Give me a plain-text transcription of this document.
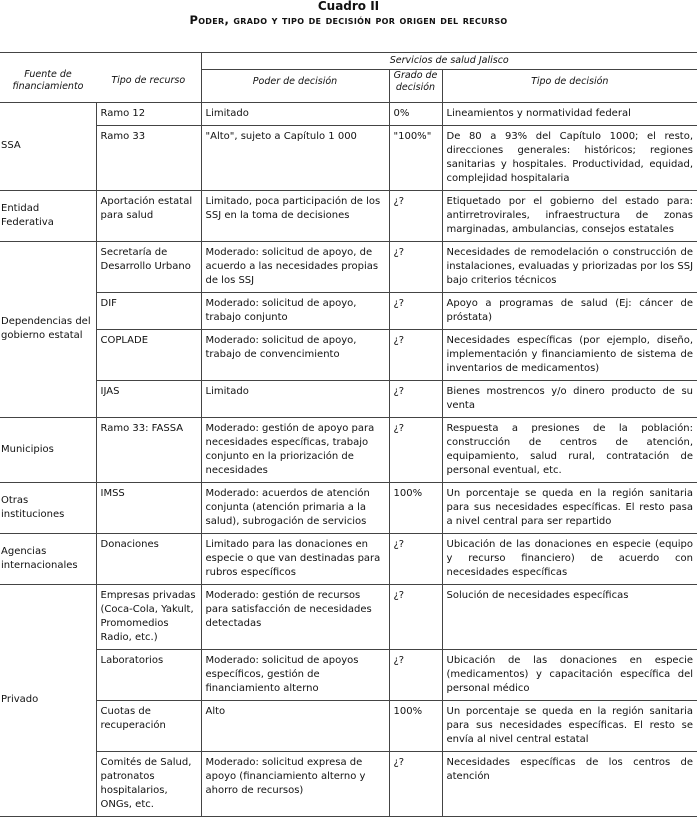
Cuadro II
Poder, grado y tipo de decisión por origen del recurso
		Servicios de salud Jalisco		
Fuente de financiamiento	Tipo de recurso	Poder de decisión	Grado de decisión	Tipo de decisión
SSA	Ramo 12	Limitado	0%	Lineamientos y normatividad federal
	Ramo 33	"Alto", sujeto a Capítulo 1 000	"100%"	De 80 a 93% del Capítulo 1000; el resto, direcciones generales: históricos; regiones sanitarias y hospitales. Productividad, equidad, complejidad hospitalaria
Entidad Federativa	Aportación estatal para salud	Limitado, poca participación de los SSJ en la toma de decisiones	¿?	Etiquetado por el gobierno del estado para: antirretrovirales, infraestructura de zonas marginadas, ambulancias, consejos estatales
Dependencias del gobierno estatal	Secretaría de Desarrollo Urbano	Moderado: solicitud de apoyo, de acuerdo a las necesidades propias de los SSJ	¿?	Necesidades de remodelación o construcción de instalaciones, evaluadas y priorizadas por los SSJ bajo criterios técnicos
	DIF	Moderado: solicitud de apoyo, trabajo conjunto	¿?	Apoyo a programas de salud (Ej: cáncer de próstata)
	COPLADE	Moderado: solicitud de apoyo, trabajo de convencimiento	¿?	Necesidades específicas (por ejemplo, diseño, implementación y financiamiento de sistema de inventarios de medicamentos)
	IJAS	Limitado	¿?	Bienes mostrencos y/o dinero producto de su venta
Municipios	Ramo 33: FASSA	Moderado: gestión de apoyo para necesidades específicas, trabajo conjunto en la priorización de necesidades	¿?	Respuesta a presiones de la población: construcción de centros de atención, equipamiento, salud rural, contratación de personal eventual, etc.
Otras instituciones	IMSS	Moderado: acuerdos de atención conjunta (atención primaria a la salud), subrogación de servicios	100%	Un porcentaje se queda en la región sanitaria para sus necesidades específicas. El resto pasa a nivel central para ser repartido
Agencias internacionales	Donaciones	Limitado para las donaciones en especie o que van destinadas para rubros específicos	¿?	Ubicación de las donaciones en especie (equipo y recurso financiero) de acuerdo con necesidades específicas
Privado	Empresas privadas (Coca-Cola, Yakult, Promomedios Radio, etc.)	Moderado: gestión de recursos para satisfacción de necesidades detectadas	¿?	Solución de necesidades específicas
	Laboratorios	Moderado: solicitud de apoyos específicos, gestión de financiamiento alterno	¿?	Ubicación de las donaciones en especie (medicamentos) y capacitación específica del personal médico
	Cuotas de recuperación	Alto	100%	Un porcentaje se queda en la región sanitaria para sus necesidades específicas. El resto se envía al nivel central estatal
	Comités de Salud, patronatos hospitalarios, ONGs, etc.	Moderado: solicitud expresa de apoyo (financiamiento alterno y ahorro de recursos)	¿?	Necesidades específicas de los centros de atención
